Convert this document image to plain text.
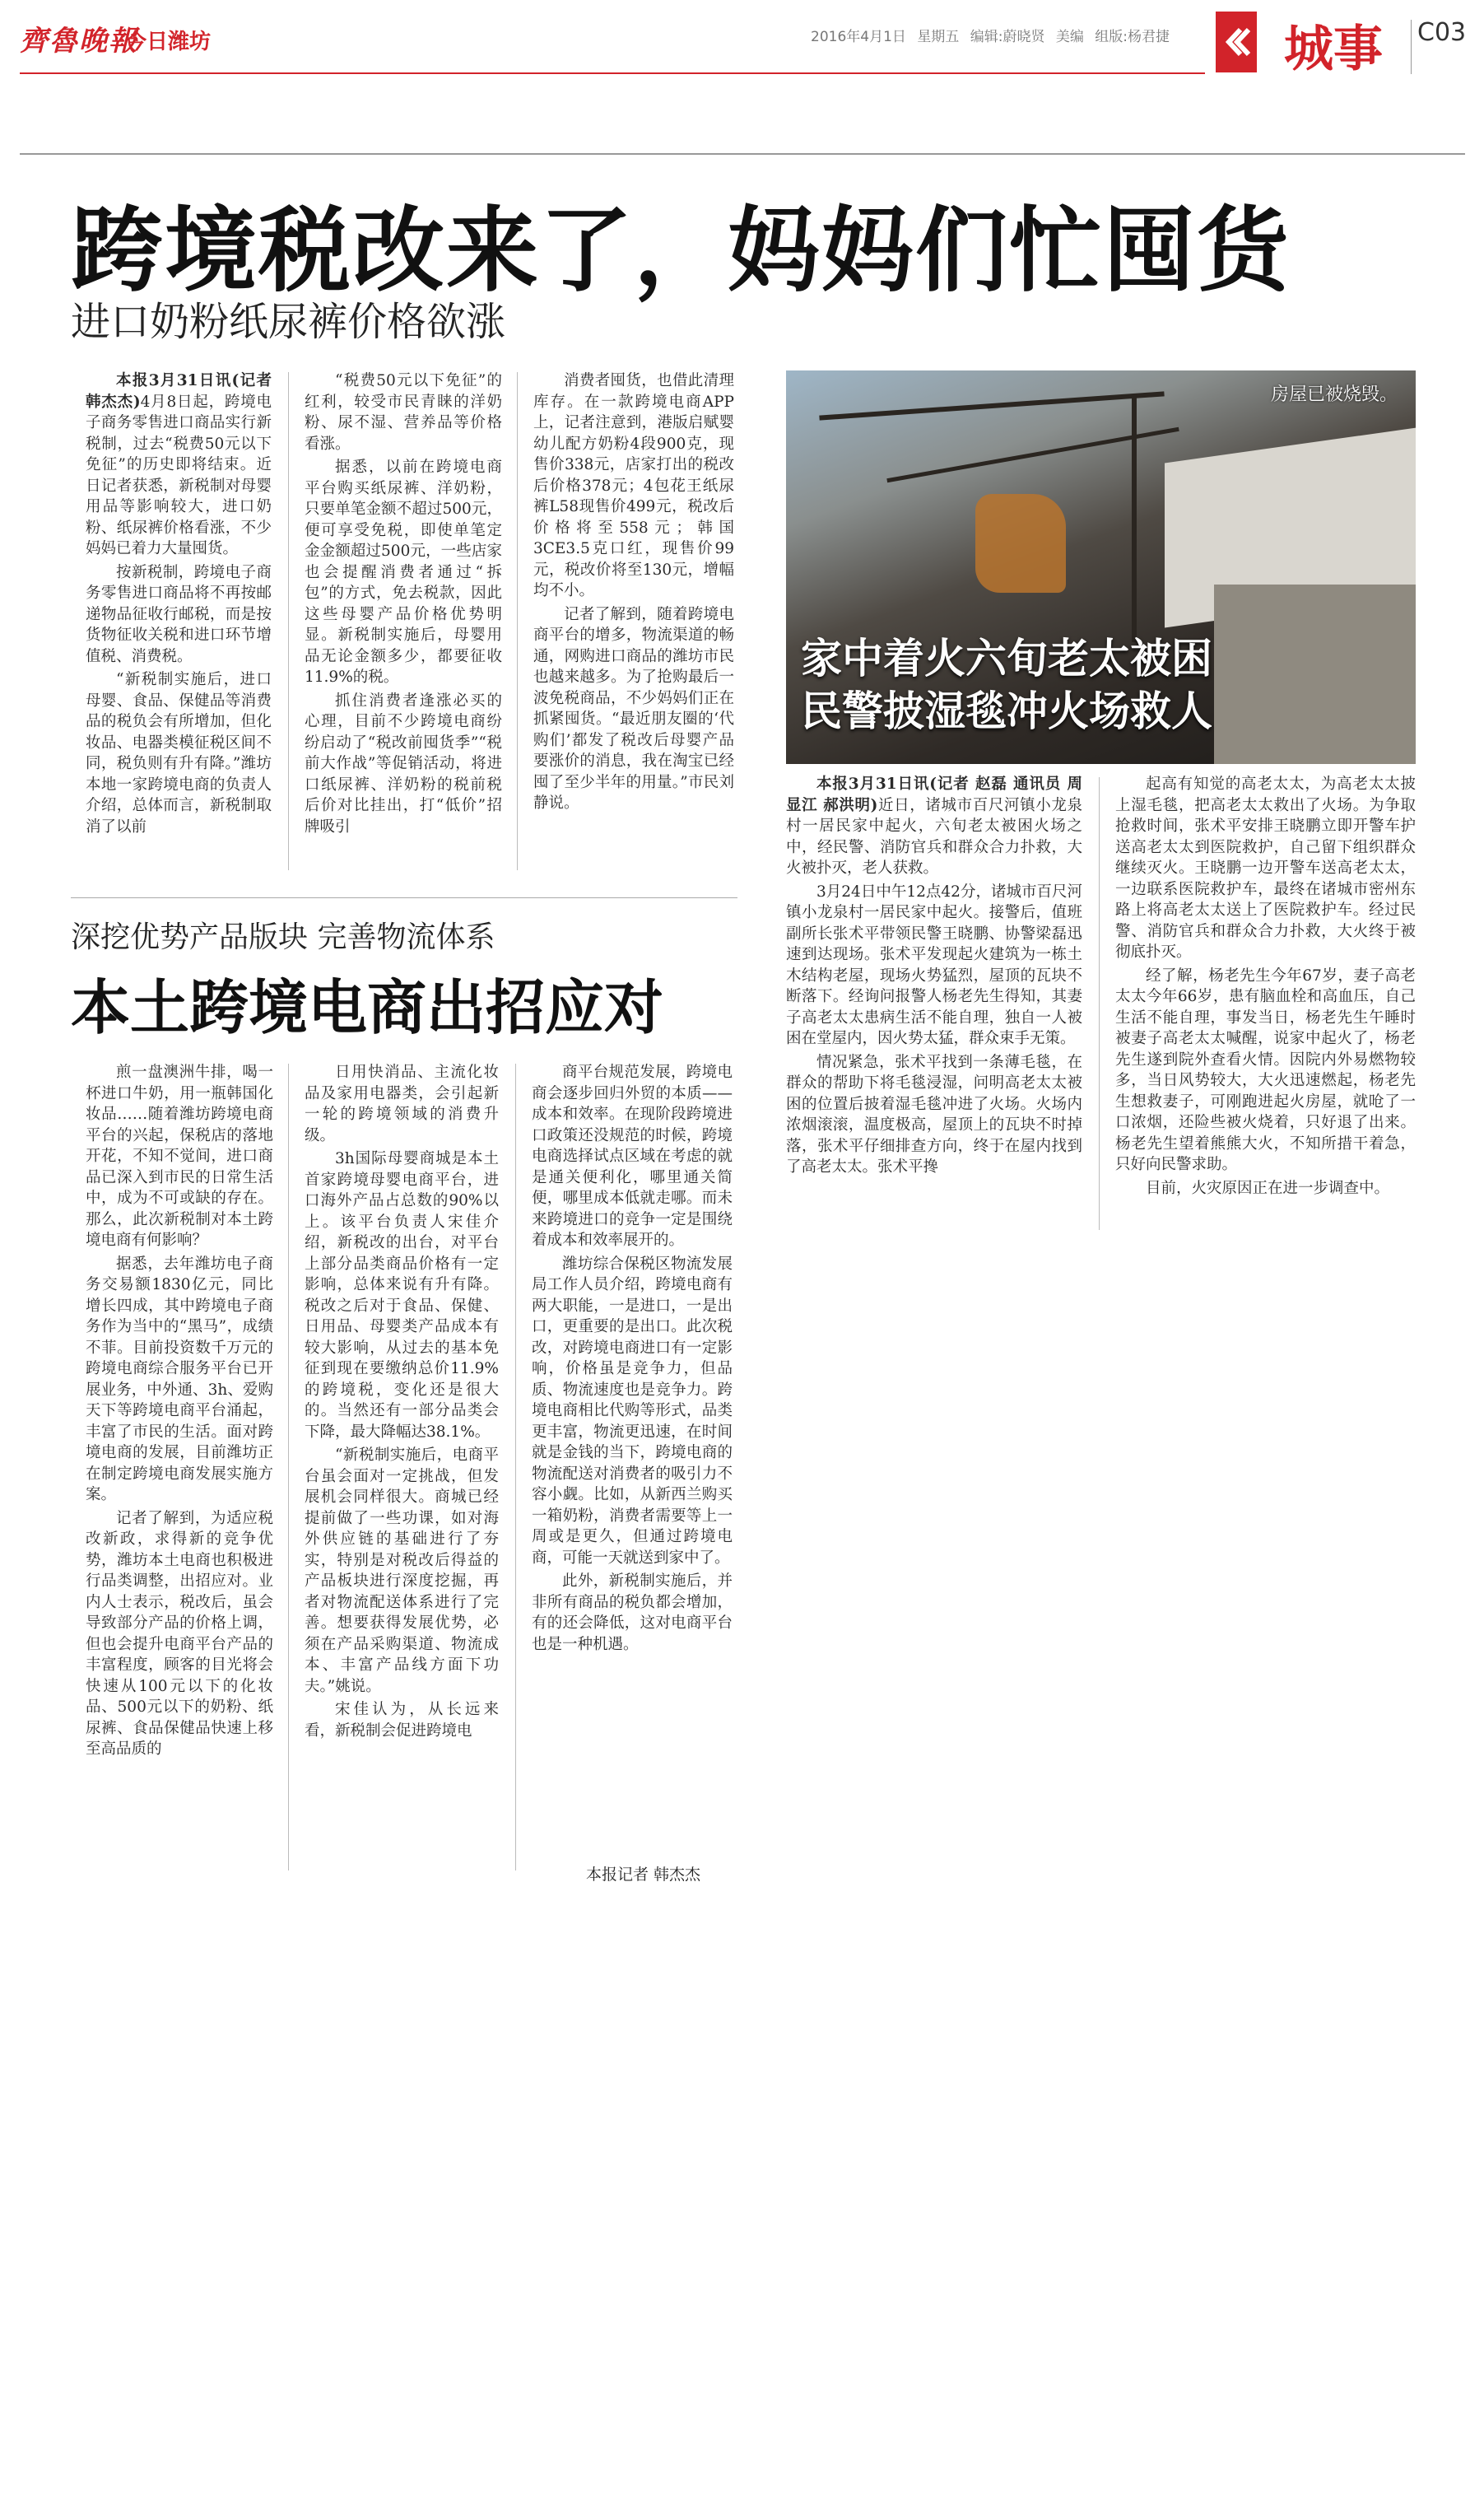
齊魯晚報
今日潍坊	2016年4月1日 星期五 编辑:蔚晓贤 美编 组版:杨君捷 城事 C03
跨境税改来了，妈妈们忙囤货
进口奶粉纸尿裤价格欲涨

本报3月31日讯(记者 韩杰杰)4月8日起，跨境电子商务零售进口商品实行新税制，过去“税费50元以下免征”的历史即将结束。近日记者获悉，新税制对母婴用品等影响较大，进口奶粉、纸尿裤价格看涨，不少妈妈已着力大量囤货。

按新税制，跨境电子商务零售进口商品将不再按邮递物品征收行邮税，而是按货物征收关税和进口环节增值税、消费税。

“新税制实施后，进口母婴、食品、保健品等消费品的税负会有所增加，但化妆品、电器类模征税区间不同，税负则有升有降。”潍坊本地一家跨境电商的负责人介绍，总体而言，新税制取消了以前

“税费50元以下免征”的红利，较受市民青睐的洋奶粉、尿不湿、营养品等价格看涨。

据悉，以前在跨境电商平台购买纸尿裤、洋奶粉，只要单笔金额不超过500元，便可享受免税，即使单笔定金金额超过500元，一些店家也会提醒消费者通过“拆包”的方式，免去税款，因此这些母婴产品价格优势明显。新税制实施后，母婴用品无论金额多少，都要征收11.9%的税。

抓住消费者逢涨必买的心理，目前不少跨境电商纷纷启动了“税改前囤货季”“税前大作战”等促销活动，将进口纸尿裤、洋奶粉的税前税后价对比挂出，打“低价”招牌吸引

消费者囤货，也借此清理库存。在一款跨境电商APP上，记者注意到，港版启赋婴幼儿配方奶粉4段900克，现售价338元，店家打出的税改后价格378元；4包花王纸尿裤L58现售价499元，税改后价格将至558元；韩国3CE3.5克口红，现售价99元，税改价将至130元，增幅均不小。

记者了解到，随着跨境电商平台的增多，物流渠道的畅通，网购进口商品的潍坊市民也越来越多。为了抢购最后一波免税商品，不少妈妈们正在抓紧囤货。“最近朋友圈的‘代购们’都发了税改后母婴产品要涨价的消息，我在淘宝已经囤了至少半年的用量。”市民刘静说。

房屋已被烧毁。
家中着火六旬老太被困
民警披湿毯冲火场救人

本报3月31日讯(记者 赵磊 通讯员 周显江 郝洪明)近日，诸城市百尺河镇小龙泉村一居民家中起火，六旬老太被困火场之中，经民警、消防官兵和群众合力扑救，大火被扑灭，老人获救。

3月24日中午12点42分，诸城市百尺河镇小龙泉村一居民家中起火。接警后，值班副所长张术平带领民警王晓鹏、协警梁磊迅速到达现场。张术平发现起火建筑为一栋土木结构老屋，现场火势猛烈，屋顶的瓦块不断落下。经询问报警人杨老先生得知，其妻子高老太太患病生活不能自理，独自一人被困在堂屋内，因火势太猛，群众束手无策。

情况紧急，张术平找到一条薄毛毯，在群众的帮助下将毛毯浸湿，问明高老太太被困的位置后披着湿毛毯冲进了火场。火场内浓烟滚滚，温度极高，屋顶上的瓦块不时掉落，张术平仔细排查方向，终于在屋内找到了高老太太。张术平搀

起高有知觉的高老太太，为高老太太披上湿毛毯，把高老太太救出了火场。为争取抢救时间，张术平安排王晓鹏立即开警车护送高老太太到医院救护，自己留下组织群众继续灭火。王晓鹏一边开警车送高老太太，一边联系医院救护车，最终在诸城市密州东路上将高老太太送上了医院救护车。经过民警、消防官兵和群众合力扑救，大火终于被彻底扑灭。

经了解，杨老先生今年67岁，妻子高老太太今年66岁，患有脑血栓和高血压，自己生活不能自理，事发当日，杨老先生午睡时被妻子高老太太喊醒，说家中起火了，杨老先生遂到院外查看火情。因院内外易燃物较多，当日风势较大，大火迅速燃起，杨老先生想救妻子，可刚跑进起火房屋，就呛了一口浓烟，还险些被火烧着，只好退了出来。杨老先生望着熊熊大火，不知所措干着急，只好向民警求助。

目前，火灾原因正在进一步调查中。

深挖优势产品版块 完善物流体系
本土跨境电商出招应对

煎一盘澳洲牛排，喝一杯进口牛奶，用一瓶韩国化妆品……随着潍坊跨境电商平台的兴起，保税店的落地开花，不知不觉间，进口商品已深入到市民的日常生活中，成为不可或缺的存在。那么，此次新税制对本土跨境电商有何影响？

据悉，去年潍坊电子商务交易额1830亿元，同比增长四成，其中跨境电子商务作为当中的“黑马”，成绩不菲。目前投资数千万元的跨境电商综合服务平台已开展业务，中外通、3h、爱购天下等跨境电商平台涌起，丰富了市民的生活。面对跨境电商的发展，目前潍坊正在制定跨境电商发展实施方案。

记者了解到，为适应税改新政，求得新的竞争优势，潍坊本土电商也积极进行品类调整，出招应对。业内人士表示，税改后，虽会导致部分产品的价格上调，但也会提升电商平台产品的丰富程度，顾客的目光将会快速从100元以下的化妆品、500元以下的奶粉、纸尿裤、食品保健品快速上移至高品质的

日用快消品、主流化妆品及家用电器类，会引起新一轮的跨境领域的消费升级。

3h国际母婴商城是本土首家跨境母婴电商平台，进口海外产品占总数的90%以上。该平台负责人宋佳介绍，新税改的出台，对平台上部分品类商品价格有一定影响，总体来说有升有降。税改之后对于食品、保健、日用品、母婴类产品成本有较大影响，从过去的基本免征到现在要缴纳总价11.9%的跨境税，变化还是很大的。当然还有一部分品类会下降，最大降幅达38.1%。

“新税制实施后，电商平台虽会面对一定挑战，但发展机会同样很大。商城已经提前做了一些功课，如对海外供应链的基础进行了夯实，特别是对税改后得益的产品板块进行深度挖掘，再者对物流配送体系进行了完善。想要获得发展优势，必须在产品采购渠道、物流成本、丰富产品线方面下功夫。”姚说。

宋佳认为，从长远来看，新税制会促进跨境电

商平台规范发展，跨境电商会逐步回归外贸的本质——成本和效率。在现阶段跨境进口政策还没规范的时候，跨境电商选择试点区域在考虑的就是通关便利化，哪里通关简便，哪里成本低就走哪。而未来跨境进口的竞争一定是围绕着成本和效率展开的。

潍坊综合保税区物流发展局工作人员介绍，跨境电商有两大职能，一是进口，一是出口，更重要的是出口。此次税改，对跨境电商进口有一定影响，价格虽是竞争力，但品质、物流速度也是竞争力。跨境电商相比代购等形式，品类更丰富，物流更迅速，在时间就是金钱的当下，跨境电商的物流配送对消费者的吸引力不容小觑。比如，从新西兰购买一箱奶粉，消费者需要等上一周或是更久，但通过跨境电商，可能一天就送到家中了。

此外，新税制实施后，并非所有商品的税负都会增加，有的还会降低，这对电商平台也是一种机遇。

本报记者 韩杰杰
